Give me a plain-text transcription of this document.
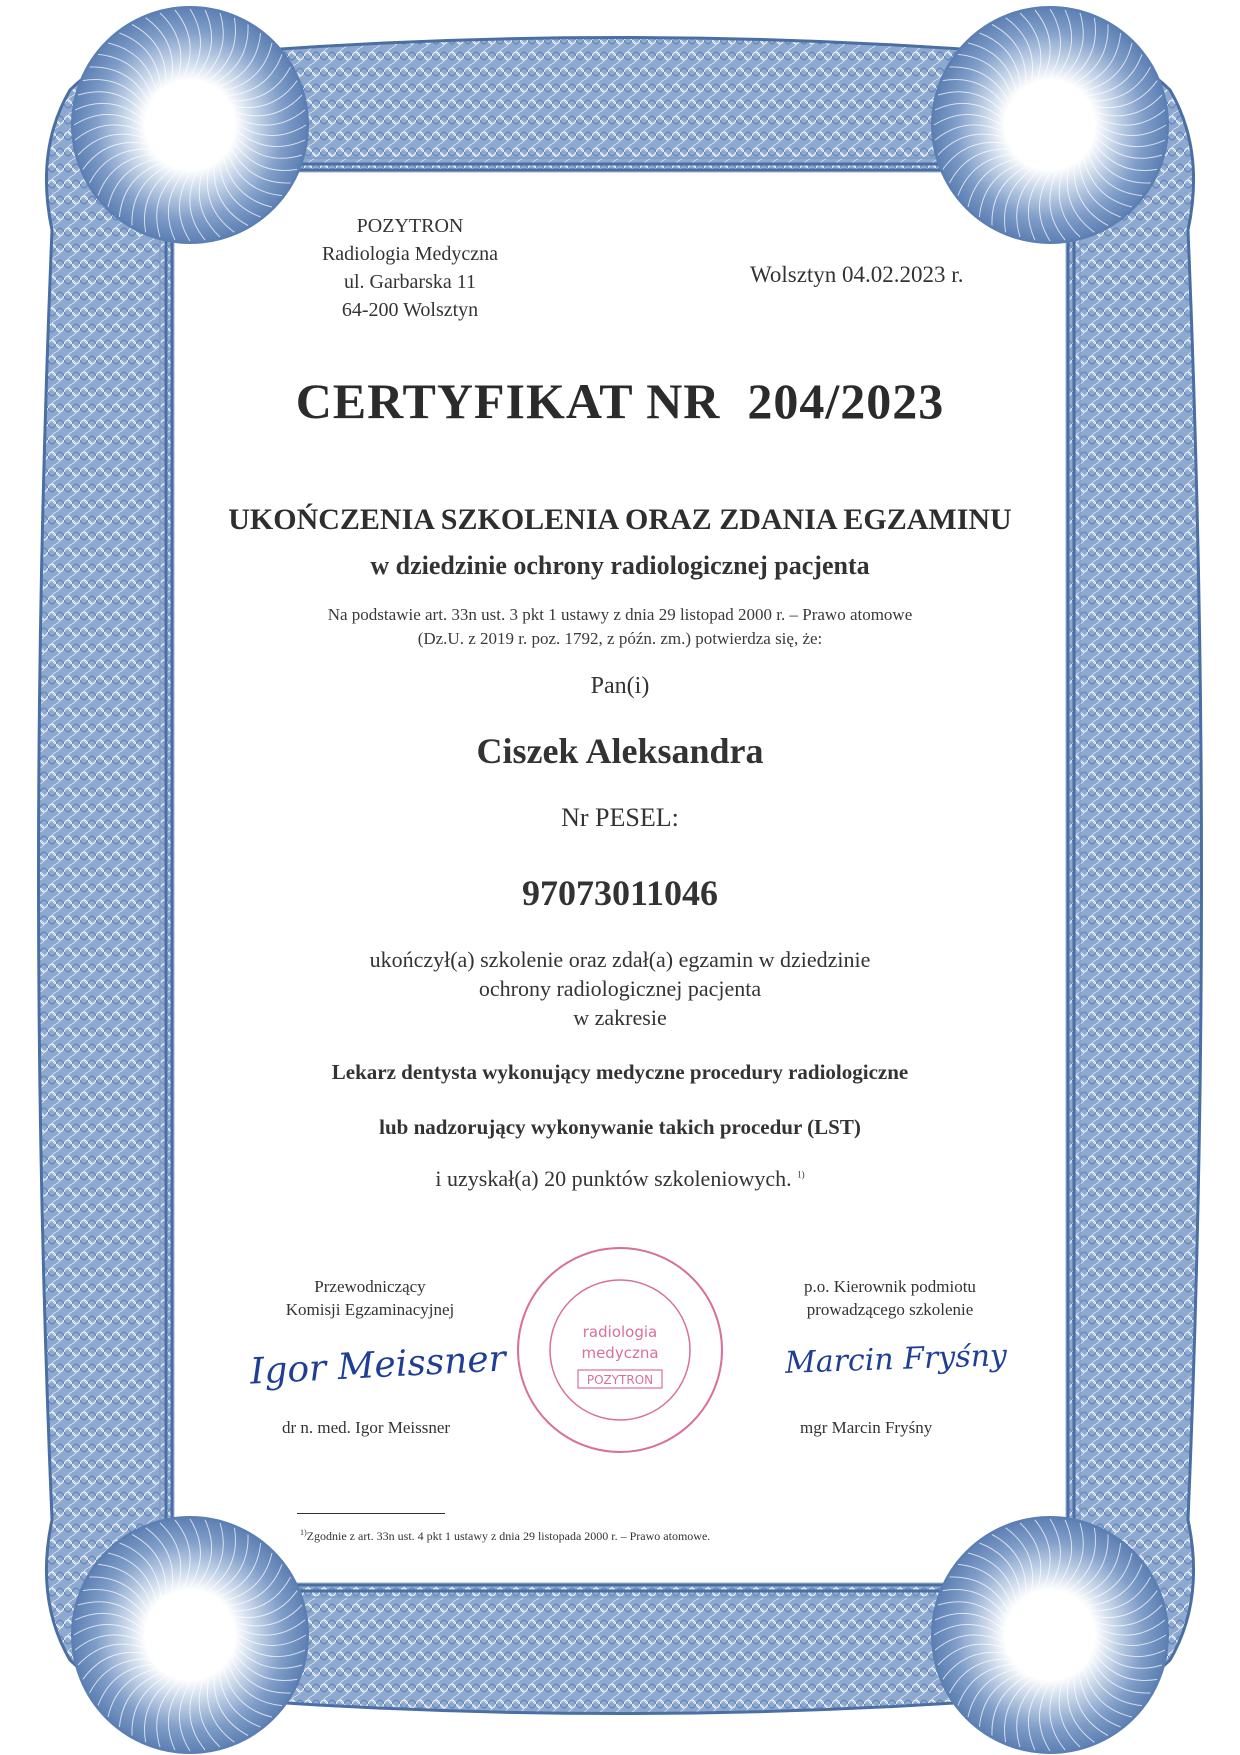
POZYTRON
Radiologia Medyczna
ul. Garbarska 11
64-200 Wolsztyn
Wolsztyn 04.02.2023 r.
CERTYFIKAT NR  204/2023
UKOŃCZENIA SZKOLENIA ORAZ ZDANIA EGZAMINU
w dziedzinie ochrony radiologicznej pacjenta
Na podstawie art. 33n ust. 3 pkt 1 ustawy z dnia 29 listopad 2000 r. – Prawo atomowe
(Dz.U. z 2019 r. poz. 1792, z późn. zm.) potwierdza się, że:
Pan(i)
Ciszek Aleksandra
Nr PESEL:
97073011046
ukończył(a) szkolenie oraz zdał(a) egzamin w dziedzinie
ochrony radiologicznej pacjenta
w zakresie
Lekarz dentysta wykonujący medyczne procedury radiologiczne
lub nadzorujący wykonywanie takich procedur (LST)
i uzyskał(a) 20 punktów szkoleniowych. $^{1)}$
Przewodniczący
Komisji Egzaminacyjnej
Igor Meissner
dr n. med. Igor Meissner
radiologia
medyczna
POZYTRON
p.o. Kierownik podmiotu
prowadzącego szkolenie
Marcin Fryśny
mgr Marcin Fryśny
$^{1)}$Zgodnie z art. 33n ust. 4 pkt 1 ustawy z dnia 29 listopada 2000 r. – Prawo atomowe.
